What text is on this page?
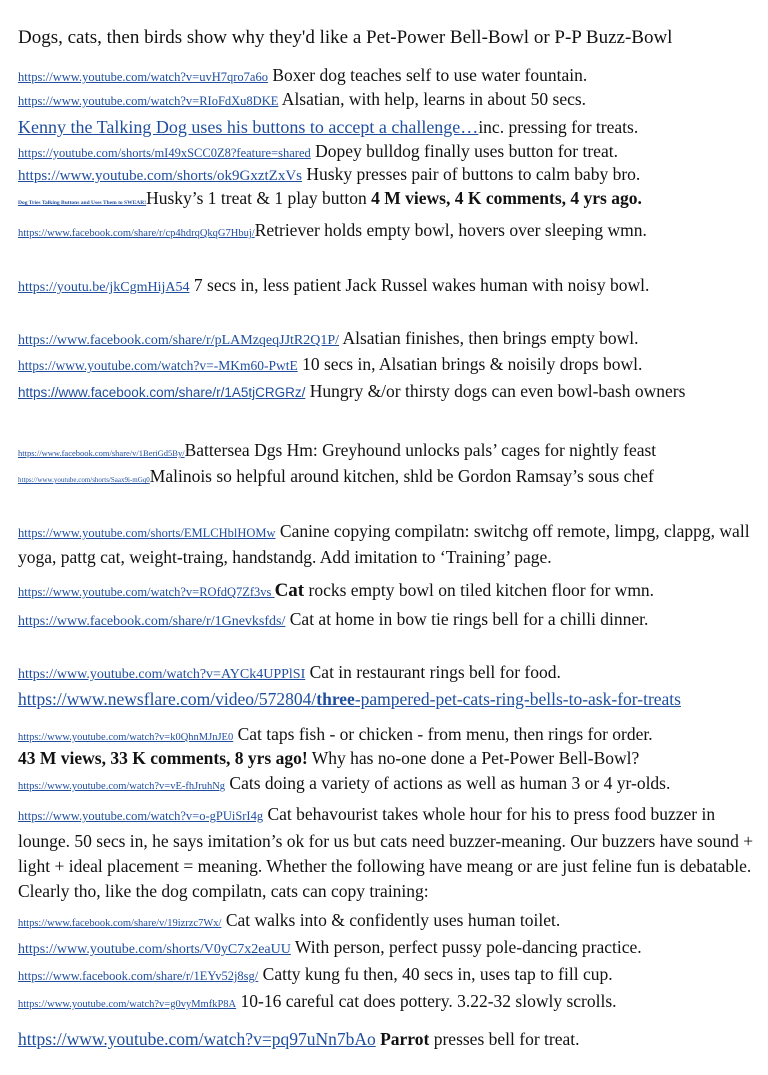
Dogs, cats, then birds show why they'd like a Pet-Power Bell-Bowl or P-P Buzz-Bowl
https://www.youtube.com/watch?v=uvH7qro7a6o Boxer dog teaches self to use water fountain.
https://www.youtube.com/watch?v=RIoFdXu8DKE Alsatian, with help, learns in about 50 secs.
Kenny the Talking Dog uses his buttons to accept a challenge…inc. pressing for treats.
https://youtube.com/shorts/mI49xSCC0Z8?feature=shared Dopey bulldog finally uses button for treat.
https://www.youtube.com/shorts/ok9GxztZxVs Husky presses pair of buttons to calm baby bro.
Dog Tries Talking Buttons and Uses Them to SWEAR!Husky’s 1 treat & 1 play button 4 M views, 4 K comments, 4 yrs ago.
https://www.facebook.com/share/r/cp4hdrqQkqG7Hbuj/Retriever holds empty bowl, hovers over sleeping wmn.
https://youtu.be/jkCgmHijA54 7 secs in, less patient Jack Russel wakes human with noisy bowl.
https://www.facebook.com/share/r/pLAMzqeqJJtR2Q1P/ Alsatian finishes, then brings empty bowl.
https://www.youtube.com/watch?v=-MKm60-PwtE 10 secs in, Alsatian brings & noisily drops bowl.
https://www.facebook.com/share/r/1A5tjCRGRz/ Hungry &/or thirsty dogs can even bowl-bash owners
https://www.facebook.com/share/v/1BeriGd5By/Battersea Dgs Hm: Greyhound unlocks pals’ cages for nightly feast
https://www.youtube.com/shorts/Saax9i-mGq0Malinois so helpful around kitchen, shld be Gordon Ramsay’s sous chef
https://www.youtube.com/shorts/EMLCHblHOMw Canine copying compilatn: switchg off remote, limpg, clappg, wall yoga, pattg cat, weight-traing, handstandg. Add imitation to ‘Training’ page.
https://www.youtube.com/watch?v=ROfdQ7Zf3vs Cat rocks empty bowl on tiled kitchen floor for wmn.
https://www.facebook.com/share/r/1Gnevksfds/ Cat at home in bow tie rings bell for a chilli dinner.
https://www.youtube.com/watch?v=AYCk4UPPlSI Cat in restaurant rings bell for food.
https://www.newsflare.com/video/572804/three-pampered-pet-cats-ring-bells-to-ask-for-treats
https://www.youtube.com/watch?v=k0QhnMJnJE0 Cat taps fish - or chicken - from menu, then rings for order.
43 M views, 33 K comments, 8 yrs ago! Why has no-one done a Pet-Power Bell-Bowl?
https://www.youtube.com/watch?v=vE-fhJruhNg Cats doing a variety of actions as well as human 3 or 4 yr-olds.
https://www.youtube.com/watch?v=o-gPUiSrI4g Cat behavourist takes whole hour for his to press food buzzer in lounge. 50 secs in, he says imitation’s ok for us but cats need buzzer-meaning. Our buzzers have sound + light + ideal placement = meaning. Whether the following have meang or are just feline fun is debatable. Clearly tho, like the dog compilatn, cats can copy training:
https://www.facebook.com/share/v/19izrzc7Wx/ Cat walks into & confidently uses human toilet.
https://www.youtube.com/shorts/V0yC7x2eaUU With person, perfect pussy pole-dancing practice.
https://www.facebook.com/share/r/1EYv52j8sg/ Catty kung fu then, 40 secs in, uses tap to fill cup.
https://www.youtube.com/watch?v=g0vyMmfkP8A 10-16 careful cat does pottery. 3.22-32 slowly scrolls.
https://www.youtube.com/watch?v=pq97uNn7bAo Parrot presses bell for treat.
